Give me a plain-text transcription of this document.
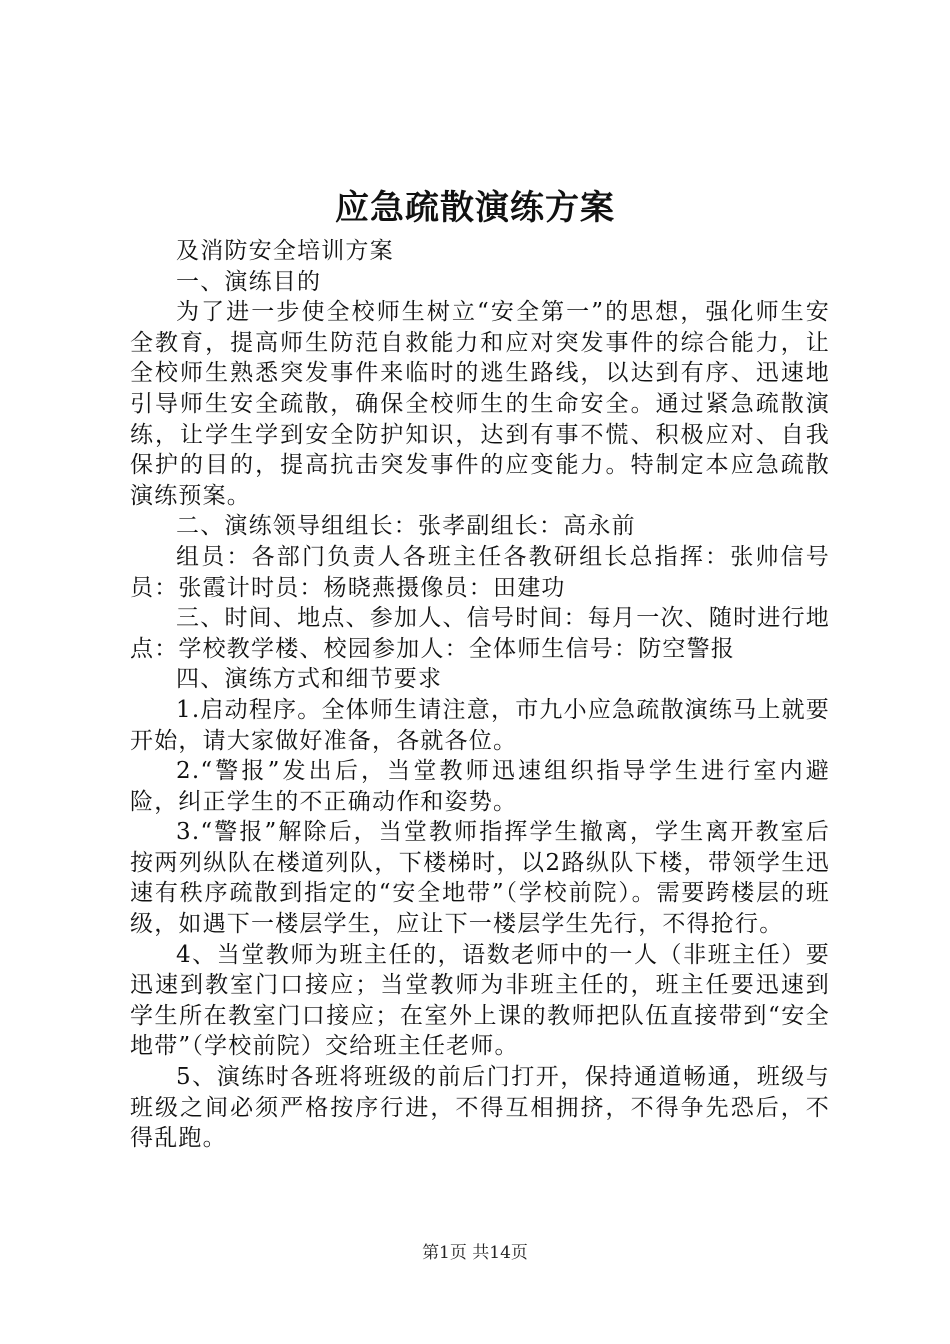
应急疏散演练方案

及消防安全培训方案

一、演练目的

为了进一步使全校师生树立“安全第一”的思想，强化师生安全教育，提高师生防范自救能力和应对突发事件的综合能力，让全校师生熟悉突发事件来临时的逃生路线，以达到有序、迅速地引导师生安全疏散，确保全校师生的生命安全。通过紧急疏散演练，让学生学到安全防护知识，达到有事不慌、积极应对、自我保护的目的，提高抗击突发事件的应变能力。特制定本应急疏散演练预案。

二、演练领导组组长：张孝副组长：高永前

组员：各部门负责人各班主任各教研组长总指挥：张帅信号员：张霞计时员：杨晓燕摄像员：田建功

三、时间、地点、参加人、信号时间：每月一次、随时进行地点：学校教学楼、校园参加人：全体师生信号：防空警报

四、演练方式和细节要求

1.启动程序。全体师生请注意，市九小应急疏散演练马上就要开始，请大家做好准备，各就各位。

2.“警报”发出后，当堂教师迅速组织指导学生进行室内避险，纠正学生的不正确动作和姿势。

3.“警报”解除后，当堂教师指挥学生撤离，学生离开教室后按两列纵队在楼道列队，下楼梯时，以2路纵队下楼，带领学生迅速有秩序疏散到指定的“安全地带”（学校前院）。需要跨楼层的班级，如遇下一楼层学生，应让下一楼层学生先行，不得抢行。

4、当堂教师为班主任的，语数老师中的一人（非班主任）要迅速到教室门口接应；当堂教师为非班主任的，班主任要迅速到学生所在教室门口接应；在室外上课的教师把队伍直接带到“安全地带”（学校前院）交给班主任老师。

5、演练时各班将班级的前后门打开，保持通道畅通，班级与班级之间必须严格按序行进，不得互相拥挤，不得争先恐后，不得乱跑。

第1页 共14页
